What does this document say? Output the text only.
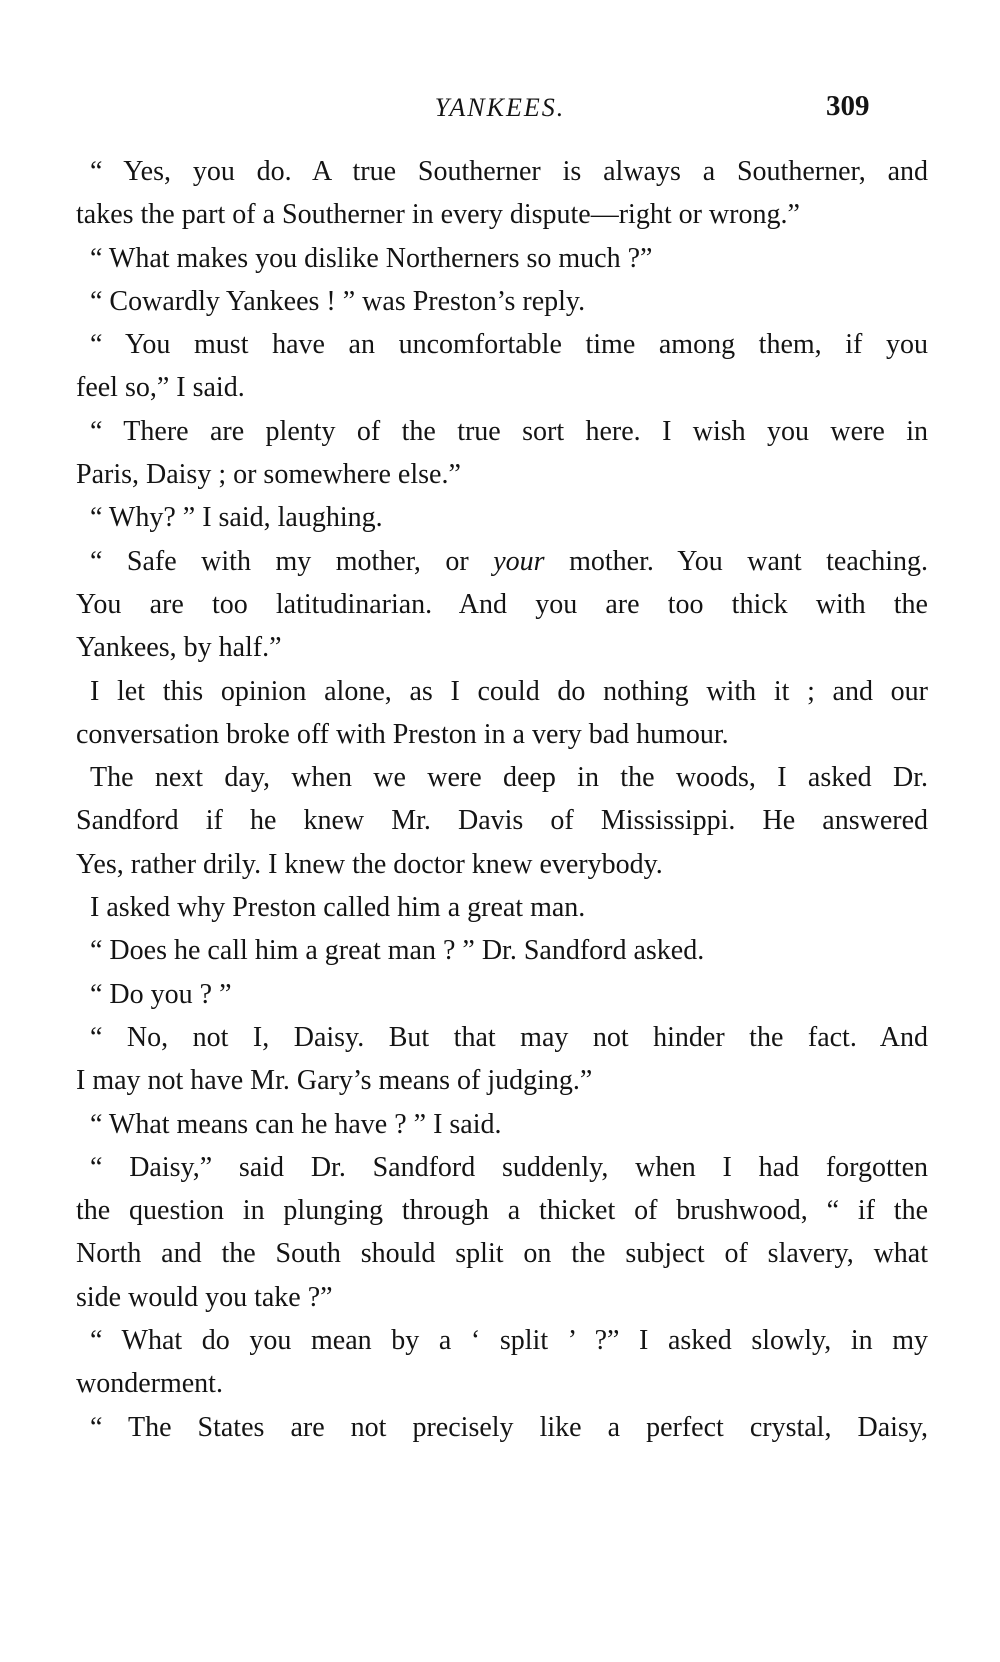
YANKEES.	309
“ Yes, you do. A true Southerner is always a Southerner, and
takes the part of a Southerner in every dispute—right or wrong.”
“ What makes you dislike Northerners so much ?”
“ Cowardly Yankees ! ” was Preston’s reply.
“ You must have an uncomfortable time among them, if you
feel so,” I said.
“ There are plenty of the true sort here. I wish you were in
Paris, Daisy ; or somewhere else.”
“ Why? ” I said, laughing.
“ Safe with my mother, or your mother. You want teaching.
You are too latitudinarian. And you are too thick with the
Yankees, by half.”
I let this opinion alone, as I could do nothing with it ; and our
conversation broke off with Preston in a very bad humour.
The next day, when we were deep in the woods, I asked Dr.
Sandford if he knew Mr. Davis of Mississippi. He answered
Yes, rather drily. I knew the doctor knew everybody.
I asked why Preston called him a great man.
“ Does he call him a great man ? ” Dr. Sandford asked.
“ Do you ? ”
“ No, not I, Daisy. But that may not hinder the fact. And
I may not have Mr. Gary’s means of judging.”
“ What means can he have ? ” I said.
“ Daisy,” said Dr. Sandford suddenly, when I had forgotten
the question in plunging through a thicket of brushwood, “ if the
North and the South should split on the subject of slavery, what
side would you take ?”
“ What do you mean by a ‘ split ’ ?” I asked slowly, in my
wonderment.
“ The States are not precisely like a perfect crystal, Daisy,
